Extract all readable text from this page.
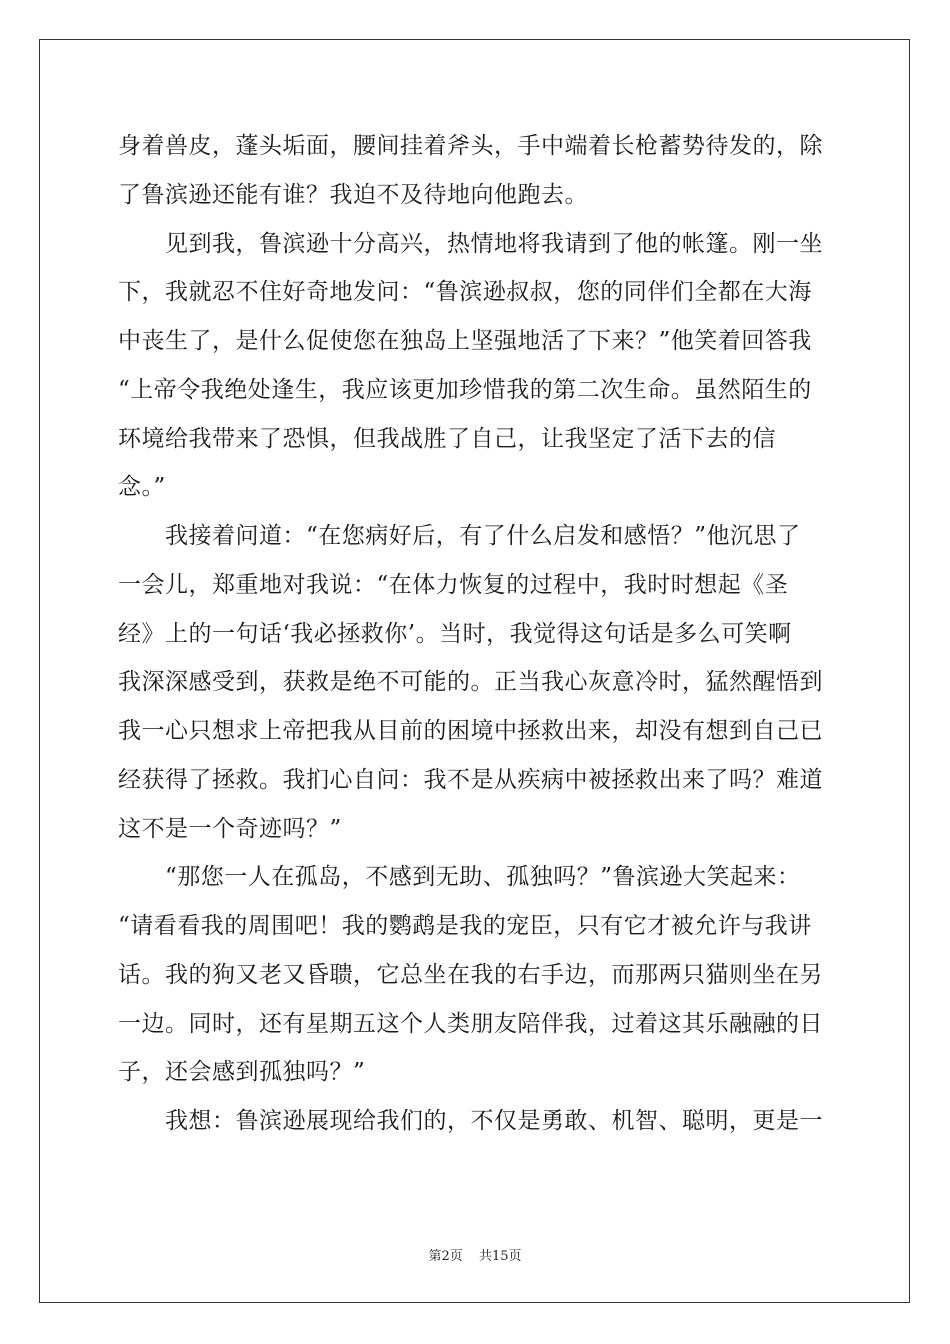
身着兽皮，蓬头垢面，腰间挂着斧头，手中端着长枪蓄势待发的，除
了鲁滨逊还能有谁？我迫不及待地向他跑去。
　　见到我，鲁滨逊十分高兴，热情地将我请到了他的帐篷。刚一坐
下，我就忍不住好奇地发问：“鲁滨逊叔叔，您的同伴们全都在大海
中丧生了，是什么促使您在独岛上坚强地活了下来？”他笑着回答我
“上帝令我绝处逢生，我应该更加珍惜我的第二次生命。虽然陌生的
环境给我带来了恐惧，但我战胜了自己，让我坚定了活下去的信
念。”
　　我接着问道：“在您病好后，有了什么启发和感悟？”他沉思了
一会儿，郑重地对我说：“在体力恢复的过程中，我时时想起《圣
经》上的一句话‘我必拯救你’。当时，我觉得这句话是多么可笑啊
我深深感受到，获救是绝不可能的。正当我心灰意冷时，猛然醒悟到
我一心只想求上帝把我从目前的困境中拯救出来，却没有想到自己已
经获得了拯救。我扪心自问：我不是从疾病中被拯救出来了吗？难道
这不是一个奇迹吗？”
　　“那您一人在孤岛，不感到无助、孤独吗？”鲁滨逊大笑起来：
“请看看我的周围吧！我的鹦鹉是我的宠臣，只有它才被允许与我讲
话。我的狗又老又昏聩，它总坐在我的右手边，而那两只猫则坐在另
一边。同时，还有星期五这个人类朋友陪伴我，过着这其乐融融的日
子，还会感到孤独吗？”
　　我想：鲁滨逊展现给我们的，不仅是勇敢、机智、聪明，更是一
第2页 共15页
